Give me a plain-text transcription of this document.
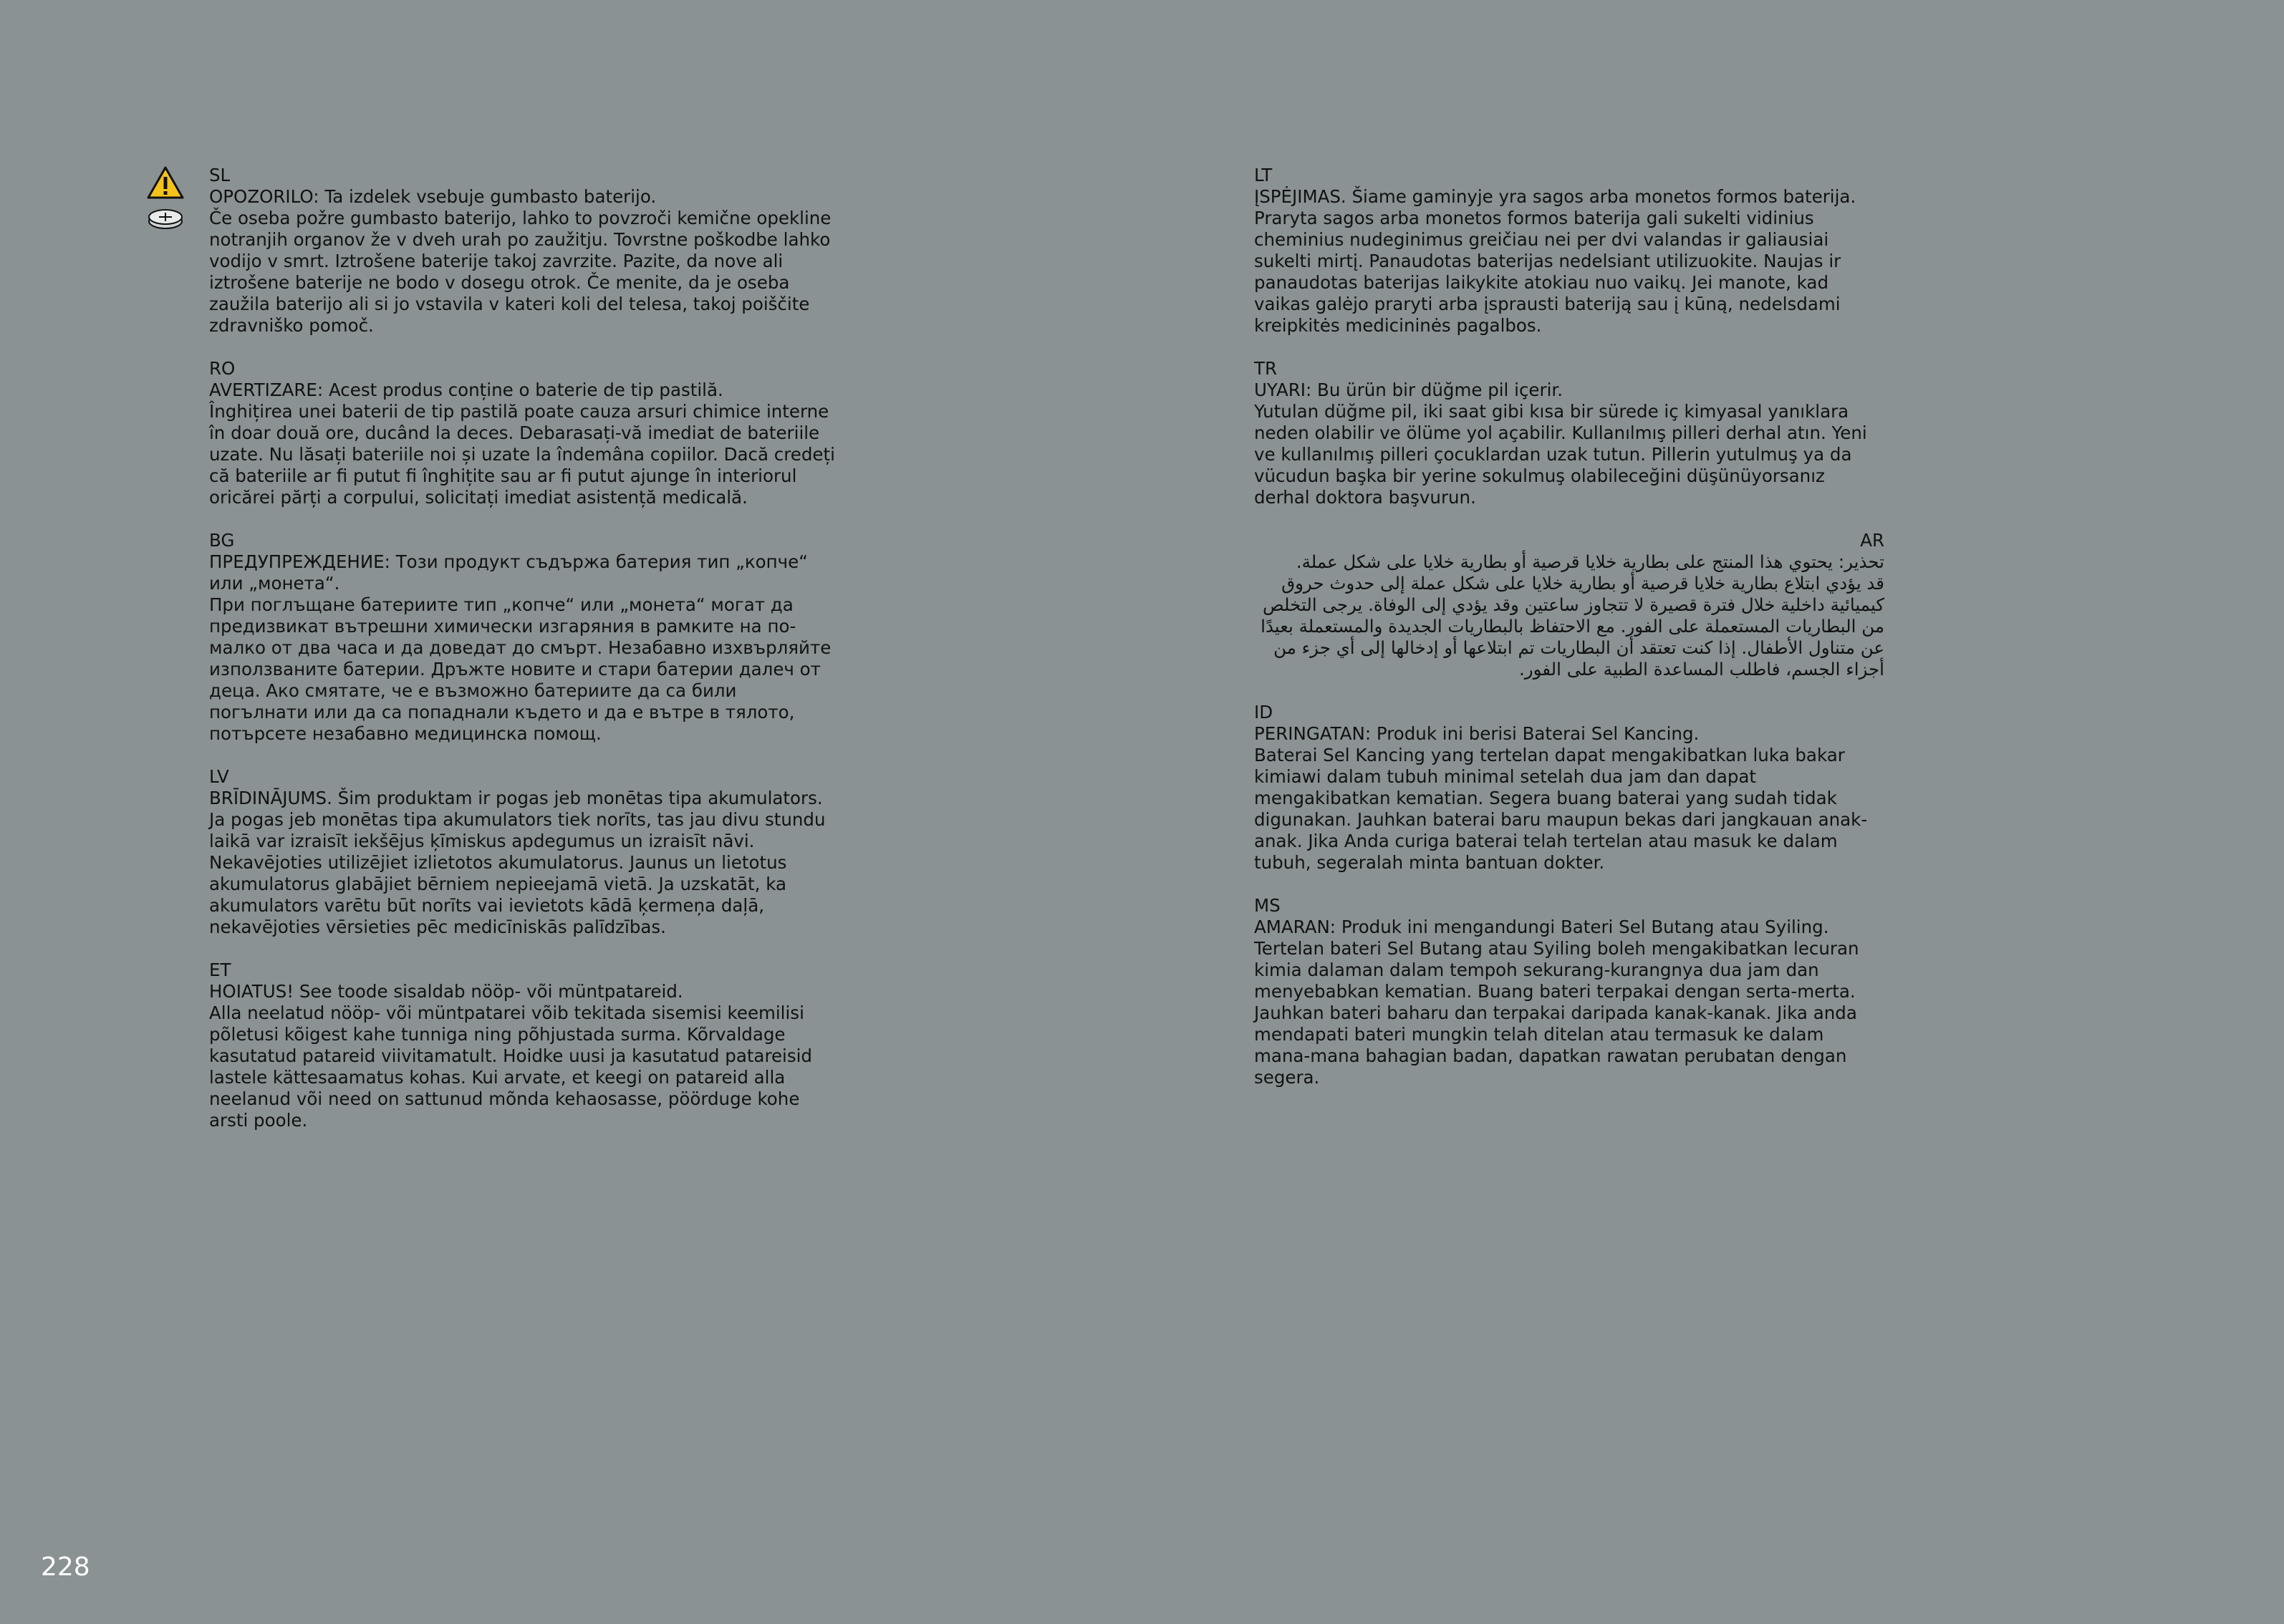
SL
OPOZORILO: Ta izdelek vsebuje gumbasto baterijo.
Če oseba požre gumbasto baterijo, lahko to povzroči kemične opekline notranjih organov že v dveh urah po zaužitju. Tovrstne poškodbe lahko vodijo v smrt. Iztrošene baterije takoj zavrzite. Pazite, da nove ali iztrošene baterije ne bodo v dosegu otrok. Če menite, da je oseba zaužila baterijo ali si jo vstavila v kateri koli del telesa, takoj poiščite zdravniško pomoč.
RO
AVERTIZARE: Acest produs conține o baterie de tip pastilă.
Înghițirea unei baterii de tip pastilă poate cauza arsuri chimice interne în doar două ore, ducând la deces. Debarasați-vă imediat de bateriile uzate. Nu lăsați bateriile noi și uzate la îndemâna copiilor. Dacă credeți că bateriile ar fi putut fi înghițite sau ar fi putut ajunge în interiorul oricărei părți a corpului, solicitați imediat asistență medicală.
BG
ПРЕДУПРЕЖДЕНИЕ: Този продукт съдържа батерия тип „копче“ или „монета“.
При поглъщане батериите тип „копче“ или „монета“ могат да предизвикат вътрешни химически изгаряния в рамките на по-малко от два часа и да доведат до смърт. Незабавно изхвърляйте използваните батерии. Дръжте новите и стари батерии далеч от деца. Ако смятате, че е възможно батериите да са били погълнати или да са попаднали където и да е вътре в тялото, потърсете незабавно медицинска помощ.
LV
BRĪDINĀJUMS. Šim produktam ir pogas jeb monētas tipa akumulators.
Ja pogas jeb monētas tipa akumulators tiek norīts, tas jau divu stundu laikā var izraisīt iekšējus ķīmiskus apdegumus un izraisīt nāvi. Nekavējoties utilizējiet izlietotos akumulatorus. Jaunus un lietotus akumulatorus glabājiet bērniem nepieejamā vietā. Ja uzskatāt, ka akumulators varētu būt norīts vai ievietots kādā ķermeņa daļā, nekavējoties vērsieties pēc medicīniskās palīdzības.
ET
HOIATUS! See toode sisaldab nööp- või müntpatareid.
Alla neelatud nööp- või müntpatarei võib tekitada sisemisi keemilisi põletusi kõigest kahe tunniga ning põhjustada surma. Kõrvaldage kasutatud patareid viivitamatult. Hoidke uusi ja kasutatud patareisid lastele kättesaamatus kohas. Kui arvate, et keegi on patareid alla neelanud või need on sattunud mõnda kehaosasse, pöörduge kohe arsti poole.
LT
ĮSPĖJIMAS. Šiame gaminyje yra sagos arba monetos formos baterija.
Praryta sagos arba monetos formos baterija gali sukelti vidinius cheminius nudeginimus greičiau nei per dvi valandas ir galiausiai sukelti mirtį. Panaudotas baterijas nedelsiant utilizuokite. Naujas ir panaudotas baterijas laikykite atokiau nuo vaikų. Jei manote, kad vaikas galėjo praryti arba įsprausti bateriją sau į kūną, nedelsdami kreipkitės medicininės pagalbos.
TR
UYARI: Bu ürün bir düğme pil içerir.
Yutulan düğme pil, iki saat gibi kısa bir sürede iç kimyasal yanıklara neden olabilir ve ölüme yol açabilir. Kullanılmış pilleri derhal atın. Yeni ve kullanılmış pilleri çocuklardan uzak tutun. Pillerin yutulmuş ya da vücudun başka bir yerine sokulmuş olabileceğini düşünüyorsanız derhal doktora başvurun.
AR
تحذير: يحتوي هذا المنتج على بطارية خلايا قرصية أو بطارية خلايا على شكل عملة.
قد يؤدي ابتلاع بطارية خلايا قرصية أو بطارية خلايا على شكل عملة إلى حدوث حروق كيميائية داخلية خلال فترة قصيرة لا تتجاوز ساعتين وقد يؤدي إلى الوفاة. يرجى التخلص من البطاريات المستعملة على الفور. مع الاحتفاظ بالبطاريات الجديدة والمستعملة بعيدًا عن متناول الأطفال. إذا كنت تعتقد أن البطاريات تم ابتلاعها أو إدخالها إلى أي جزء من أجزاء الجسم، فاطلب المساعدة الطبية على الفور.
ID
PERINGATAN: Produk ini berisi Baterai Sel Kancing.
Baterai Sel Kancing yang tertelan dapat mengakibatkan luka bakar kimiawi dalam tubuh minimal setelah dua jam dan dapat mengakibatkan kematian. Segera buang baterai yang sudah tidak digunakan. Jauhkan baterai baru maupun bekas dari jangkauan anak-anak. Jika Anda curiga baterai telah tertelan atau masuk ke dalam tubuh, segeralah minta bantuan dokter.
MS
AMARAN: Produk ini mengandungi Bateri Sel Butang atau Syiling.
Tertelan bateri Sel Butang atau Syiling boleh mengakibatkan lecuran kimia dalaman dalam tempoh sekurang-kurangnya dua jam dan menyebabkan kematian. Buang bateri terpakai dengan serta-merta. Jauhkan bateri baharu dan terpakai daripada kanak-kanak. Jika anda mendapati bateri mungkin telah ditelan atau termasuk ke dalam mana-mana bahagian badan, dapatkan rawatan perubatan dengan segera.
228
